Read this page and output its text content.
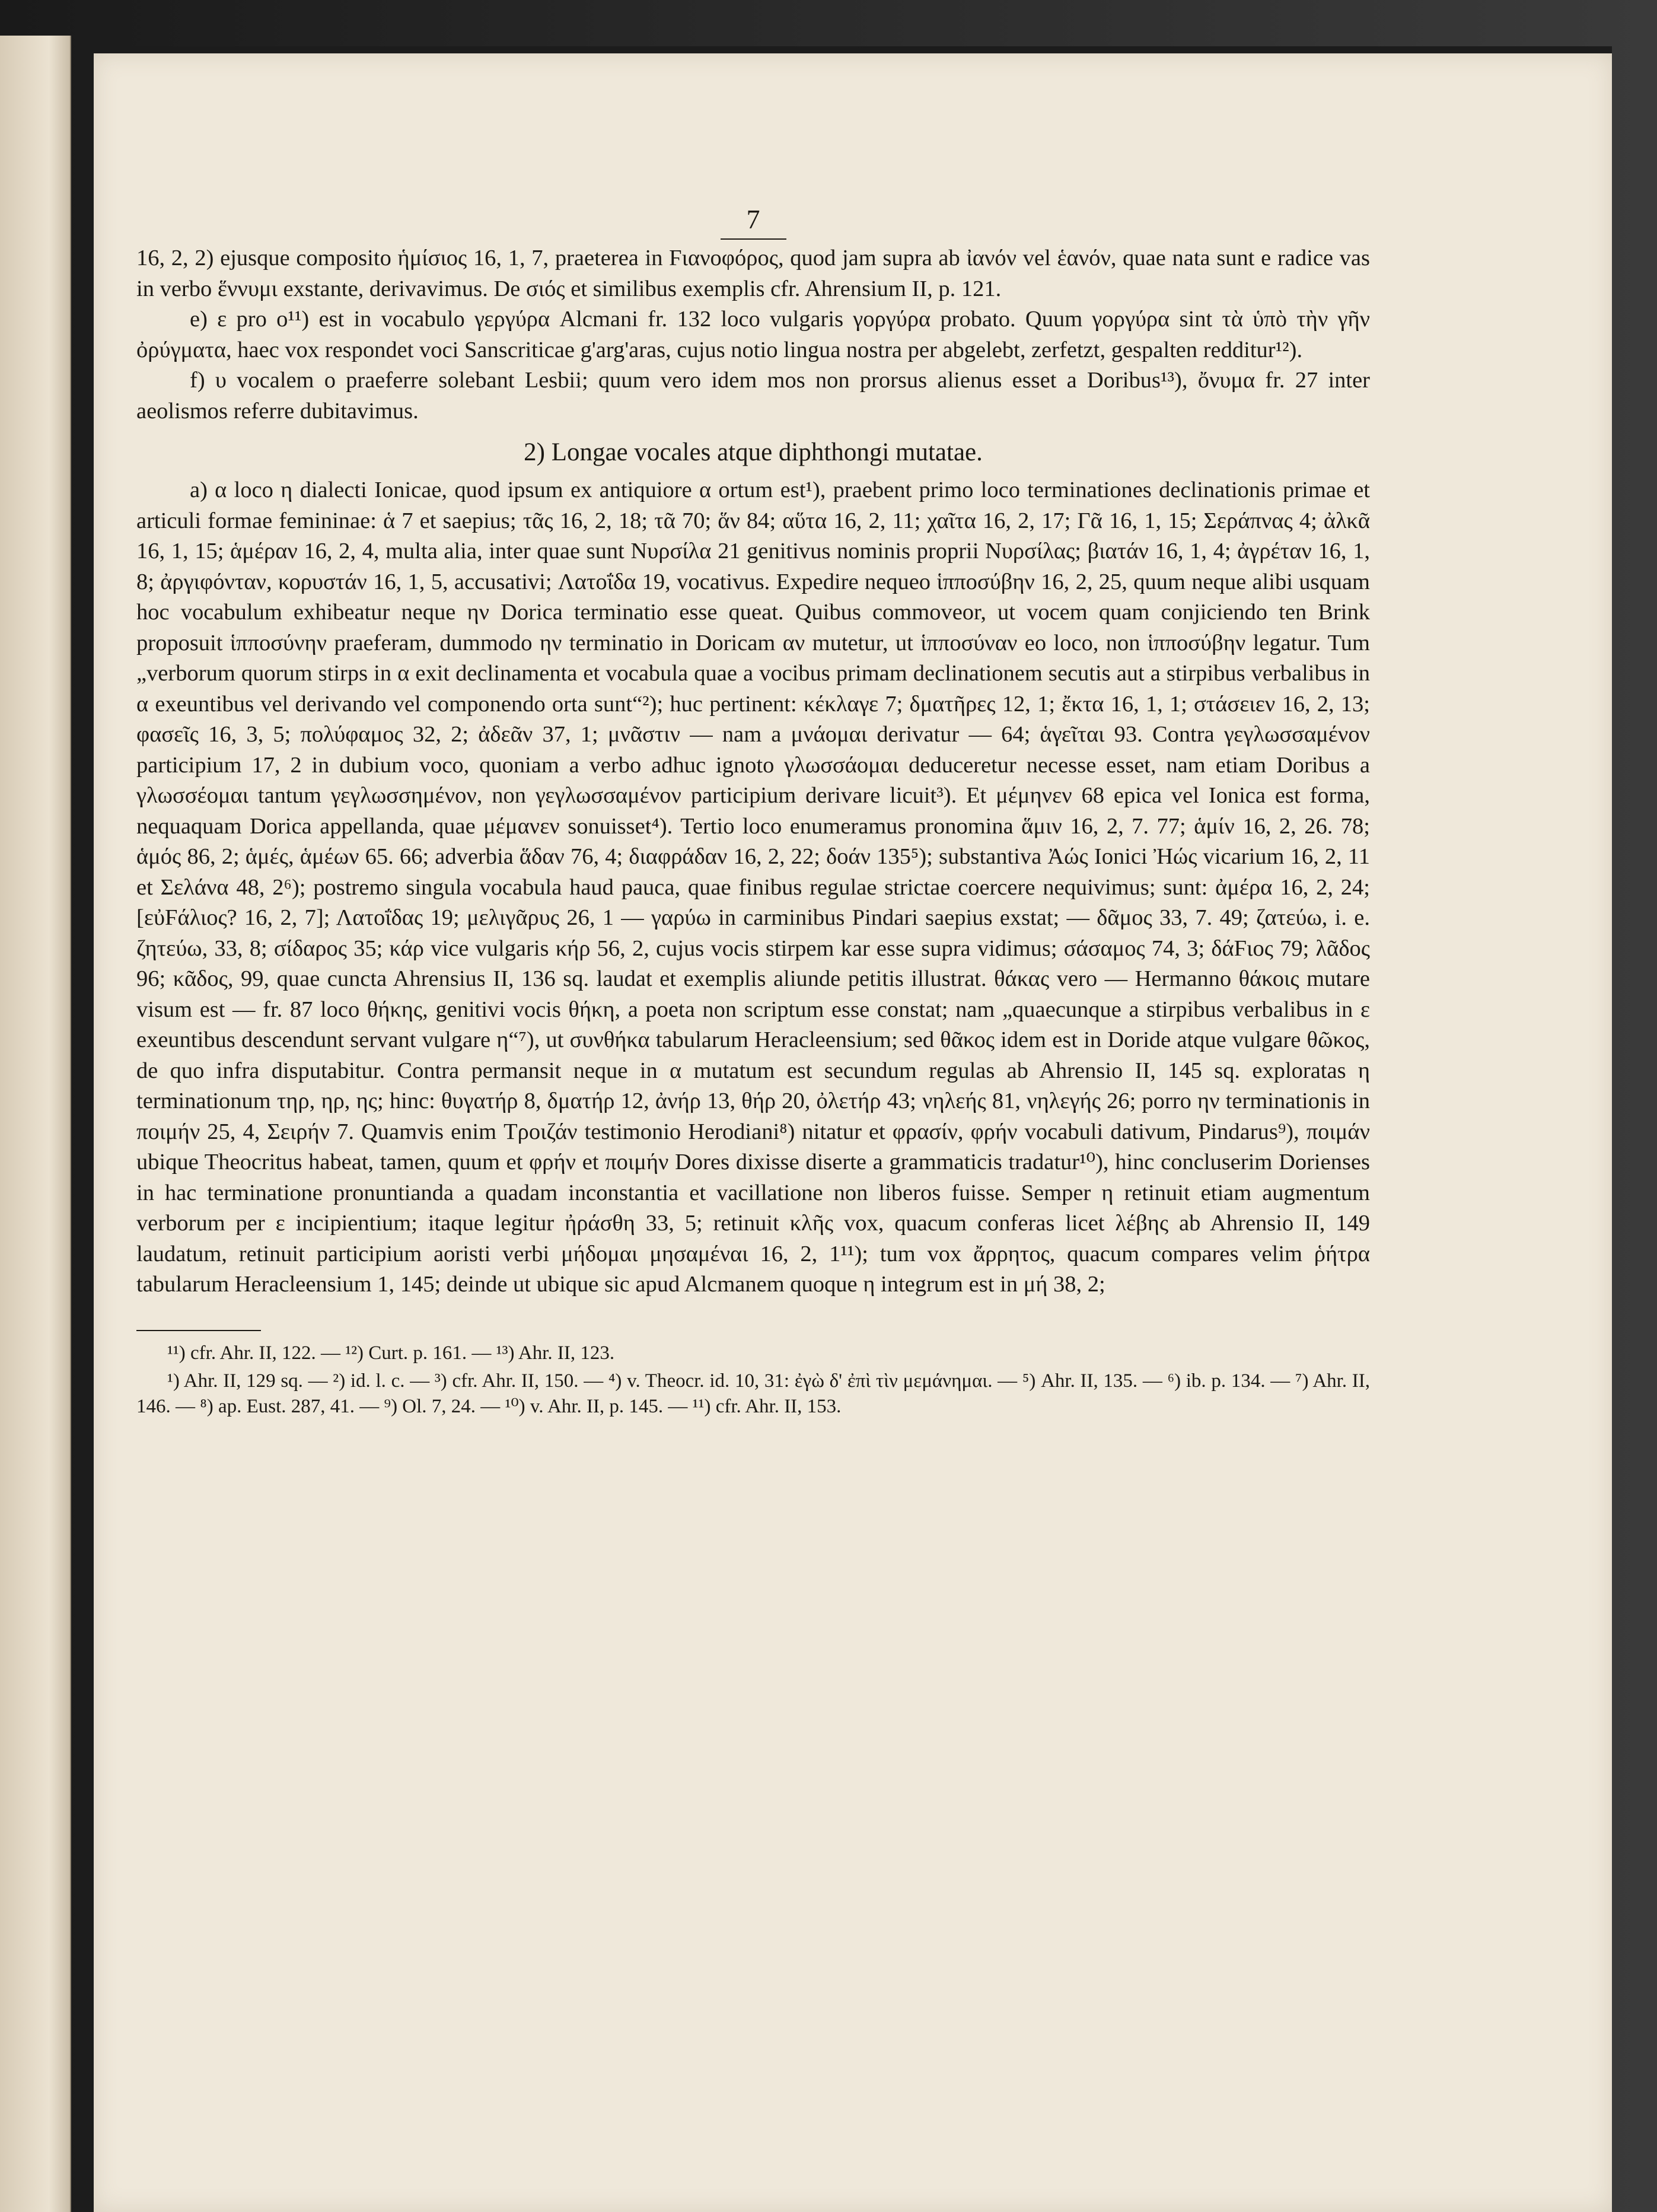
7

16, 2, 2) ejusque composito ἡμίσιος 16, 1, 7, praeterea in Ϝιανοφόρος, quod jam supra ab ἰανόν vel ἑανόν, quae nata sunt e radice vas in verbo ἕννυμι exstante, derivavimus. De σιός et similibus exemplis cfr. Ahrensium II, p. 121.

e) ε pro ο¹¹) est in vocabulo γεργύρα Alcmani fr. 132 loco vulgaris γοργύρα probato. Quum γοργύρα sint τὰ ὑπὸ τὴν γῆν ὀρύγματα, haec vox respondet voci Sanscriticae g'arg'aras, cujus notio lingua nostra per abgelebt, zerfetzt, gespalten redditur¹²).

f) υ vocalem ο praeferre solebant Lesbii; quum vero idem mos non prorsus alienus esset a Doribus¹³), ὄνυμα fr. 27 inter aeolismos referre dubitavimus.

2) Longae vocales atque diphthongi mutatae.

a) α loco η dialecti Ionicae, quod ipsum ex antiquiore α ortum est¹), praebent primo loco terminationes declinationis primae et articuli formae femininae: ἁ 7 et saepius; τᾶς 16, 2, 18; τᾶ 70; ἅν 84; αὕτα 16, 2, 11; χαῖτα 16, 2, 17; Γᾶ 16, 1, 15; Σεράπνας 4; ἀλκᾶ 16, 1, 15; ἁμέραν 16, 2, 4, multa alia, inter quae sunt Νυρσίλα 21 genitivus nominis proprii Νυρσίλας; βιατάν 16, 1, 4; ἀγρέταν 16, 1, 8; ἀργιφόνταν, κορυστάν 16, 1, 5, accusativi; Λατοΐδα 19, vocativus. Expedire nequeo ἱπποσύβην 16, 2, 25, quum neque alibi usquam hoc vocabulum exhibeatur neque ην Dorica terminatio esse queat. Quibus commoveor, ut vocem quam conjiciendo ten Brink proposuit ἱπποσύνην praeferam, dummodo ην terminatio in Doricam αν mutetur, ut ἱπποσύναν eo loco, non ἱπποσύβην legatur. Tum „verborum quorum stirps in α exit declinamenta et vocabula quae a vocibus primam declinationem secutis aut a stirpibus verbalibus in α exeuntibus vel derivando vel componendo orta sunt“²); huc pertinent: κέκλαγε 7; δματῆρες 12, 1; ἔκτα 16, 1, 1; στάσειεν 16, 2, 13; φασεῖς 16, 3, 5; πολύφαμος 32, 2; ἀδεᾶν 37, 1; μνᾶστιν — nam a μνάομαι derivatur — 64; ἁγεῖται 93. Contra γεγλωσσαμένον participium 17, 2 in dubium voco, quoniam a verbo adhuc ignoto γλωσσάομαι deduceretur necesse esset, nam etiam Doribus a γλωσσέομαι tantum γεγλωσσημένον, non γεγλωσσαμένον participium derivare licuit³). Et μέμηνεν 68 epica vel Ionica est forma, nequaquam Dorica appellanda, quae μέμανεν sonuisset⁴). Tertio loco enumeramus pronomina ἅμιν 16, 2, 7. 77; ἁμίν 16, 2, 26. 78; ἁμός 86, 2; ἁμές, ἁμέων 65. 66; adverbia ἅδαν 76, 4; διαφράδαν 16, 2, 22; δοάν 135⁵); substantiva Ἀώς Ionici Ἠώς vicarium 16, 2, 11 et Σελάνα 48, 2⁶); postremo singula vocabula haud pauca, quae finibus regulae strictae coercere nequivimus; sunt: ἀμέρα 16, 2, 24; [εὐϜάλιος? 16, 2, 7]; Λατοΐδας 19; μελιγᾶρυς 26, 1 — γαρύω in carminibus Pindari saepius exstat; — δᾶμος 33, 7. 49; ζατεύω, i. e. ζητεύω, 33, 8; σίδαρος 35; κάρ vice vulgaris κήρ 56, 2, cujus vocis stirpem kar esse supra vidimus; σάσαμος 74, 3; δάϜιος 79; λᾶδος 96; κᾶδος, 99, quae cuncta Ahrensius II, 136 sq. laudat et exemplis aliunde petitis illustrat. θάκας vero — Hermanno θάκοις mutare visum est — fr. 87 loco θήκης, genitivi vocis θήκη, a poeta non scriptum esse constat; nam „quaecunque a stirpibus verbalibus in ε exeuntibus descendunt servant vulgare η“⁷), ut συνθήκα tabularum Heracleensium; sed θᾶκος idem est in Doride atque vulgare θῶκος, de quo infra disputabitur. Contra permansit neque in α mutatum est secundum regulas ab Ahrensio II, 145 sq. exploratas η terminationum τηρ, ηρ, ης; hinc: θυγατήρ 8, δματήρ 12, ἀνήρ 13, θήρ 20, ὀλετήρ 43; νηλεής 81, νηλεγής 26; porro ην terminationis in ποιμήν 25, 4, Σειρήν 7. Quamvis enim Τροιζάν testimonio Herodiani⁸) nitatur et φρασίν, φρήν vocabuli dativum, Pindarus⁹), ποιμάν ubique Theocritus habeat, tamen, quum et φρήν et ποιμήν Dores dixisse diserte a grammaticis tradatur¹⁰), hinc concluserim Dorienses in hac terminatione pronuntianda a quadam inconstantia et vacillatione non liberos fuisse. Semper η retinuit etiam augmentum verborum per ε incipientium; itaque legitur ἠράσθη 33, 5; retinuit κλῆς vox, quacum conferas licet λέβης ab Ahrensio II, 149 laudatum, retinuit participium aoristi verbi μήδομαι μησαμέναι 16, 2, 1¹¹); tum vox ἄρρητος, quacum compares velim ῥήτρα tabularum Heracleensium 1, 145; deinde ut ubique sic apud Alcmanem quoque η integrum est in μή 38, 2;

¹¹) cfr. Ahr. II, 122. — ¹²) Curt. p. 161. — ¹³) Ahr. II, 123.

¹) Ahr. II, 129 sq. — ²) id. l. c. — ³) cfr. Ahr. II, 150. — ⁴) v. Theocr. id. 10, 31: ἐγὼ δ' ἐπὶ τὶν μεμάνημαι. — ⁵) Ahr. II, 135. — ⁶) ib. p. 134. — ⁷) Ahr. II, 146. — ⁸) ap. Eust. 287, 41. — ⁹) Ol. 7, 24. — ¹⁰) v. Ahr. II, p. 145. — ¹¹) cfr. Ahr. II, 153.
